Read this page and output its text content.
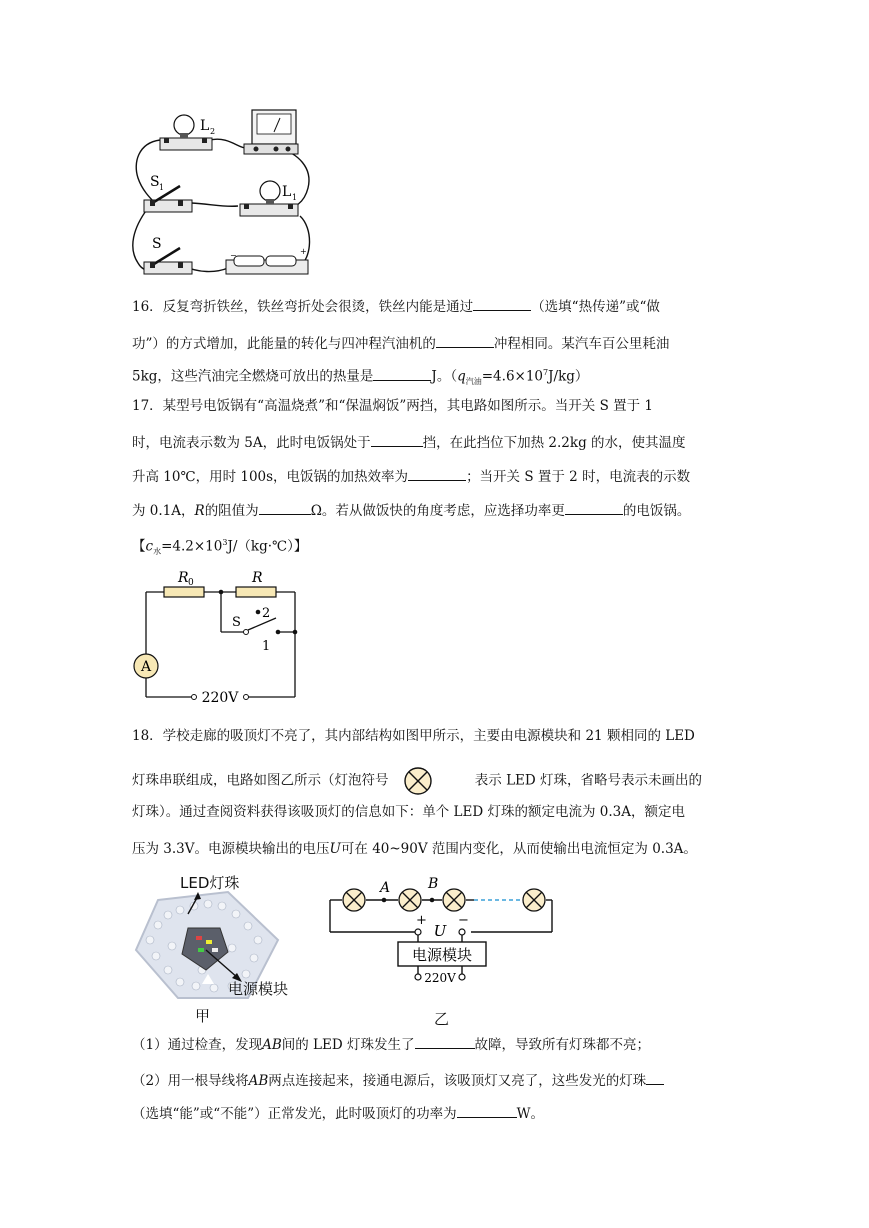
L 2
S 1	L 1
S
−	+
16．反复弯折铁丝，铁丝弯折处会很烫，铁丝内能是通过	（选填“热传递”或“做
功”）的方式增加，此能量的转化与四冲程汽油机的	冲程相同。某汽车百公里耗油
5kg，这些汽油完全燃烧可放出的热量是	J。$(q_{汽油}=4.6\times 10^7J/kg)$
17．某型号电饭锅有“高温烧煮”和“保温焖饭”两挡，其电路如图所示。当开关 S 置于 1
时，电流表示数为 5A，此时电饭锅处于	挡，在此挡位下加热 2.2kg 的水，使其温度
升高 10℃，用时 100s，电饭锅的加热效率为	；当开关 S 置于 2 时，电流表的示数
为 0.1A，R的阻值为	Ω。若从做饭快的角度考虑，应选择功率更	的电饭锅。
【$c_水=4.2\times 10^3J/(kg\cdot℃)$】
A
220V
R 0	R
S
2
1
18．学校走廊的吸顶灯不亮了，其内部结构如图甲所示，主要由电源模块和 21 颗相同的 LED
灯珠串联组成，电路如图乙所示（灯泡符号	表示 LED 灯珠，省略号表示未画出的
灯珠）。通过查阅资料获得该吸顶灯的信息如下：单个 LED 灯珠的额定电流为 0.3A，额定电
压为 3.3V。电源模块输出的电压U可在 40~90V 范围内变化，从而使输出电流恒定为 0.3A。
LED灯珠
电源模块
甲
A	B
+ −
U
电源模块
220V
乙
（1）通过检查，发现AB间的 LED 灯珠发生了	故障，导致所有灯珠都不亮；
（2）用一根导线将AB两点连接起来，接通电源后，该吸顶灯又亮了，这些发光的灯珠
（选填“能”或“不能”）正常发光，此时吸顶灯的功率为	W。
